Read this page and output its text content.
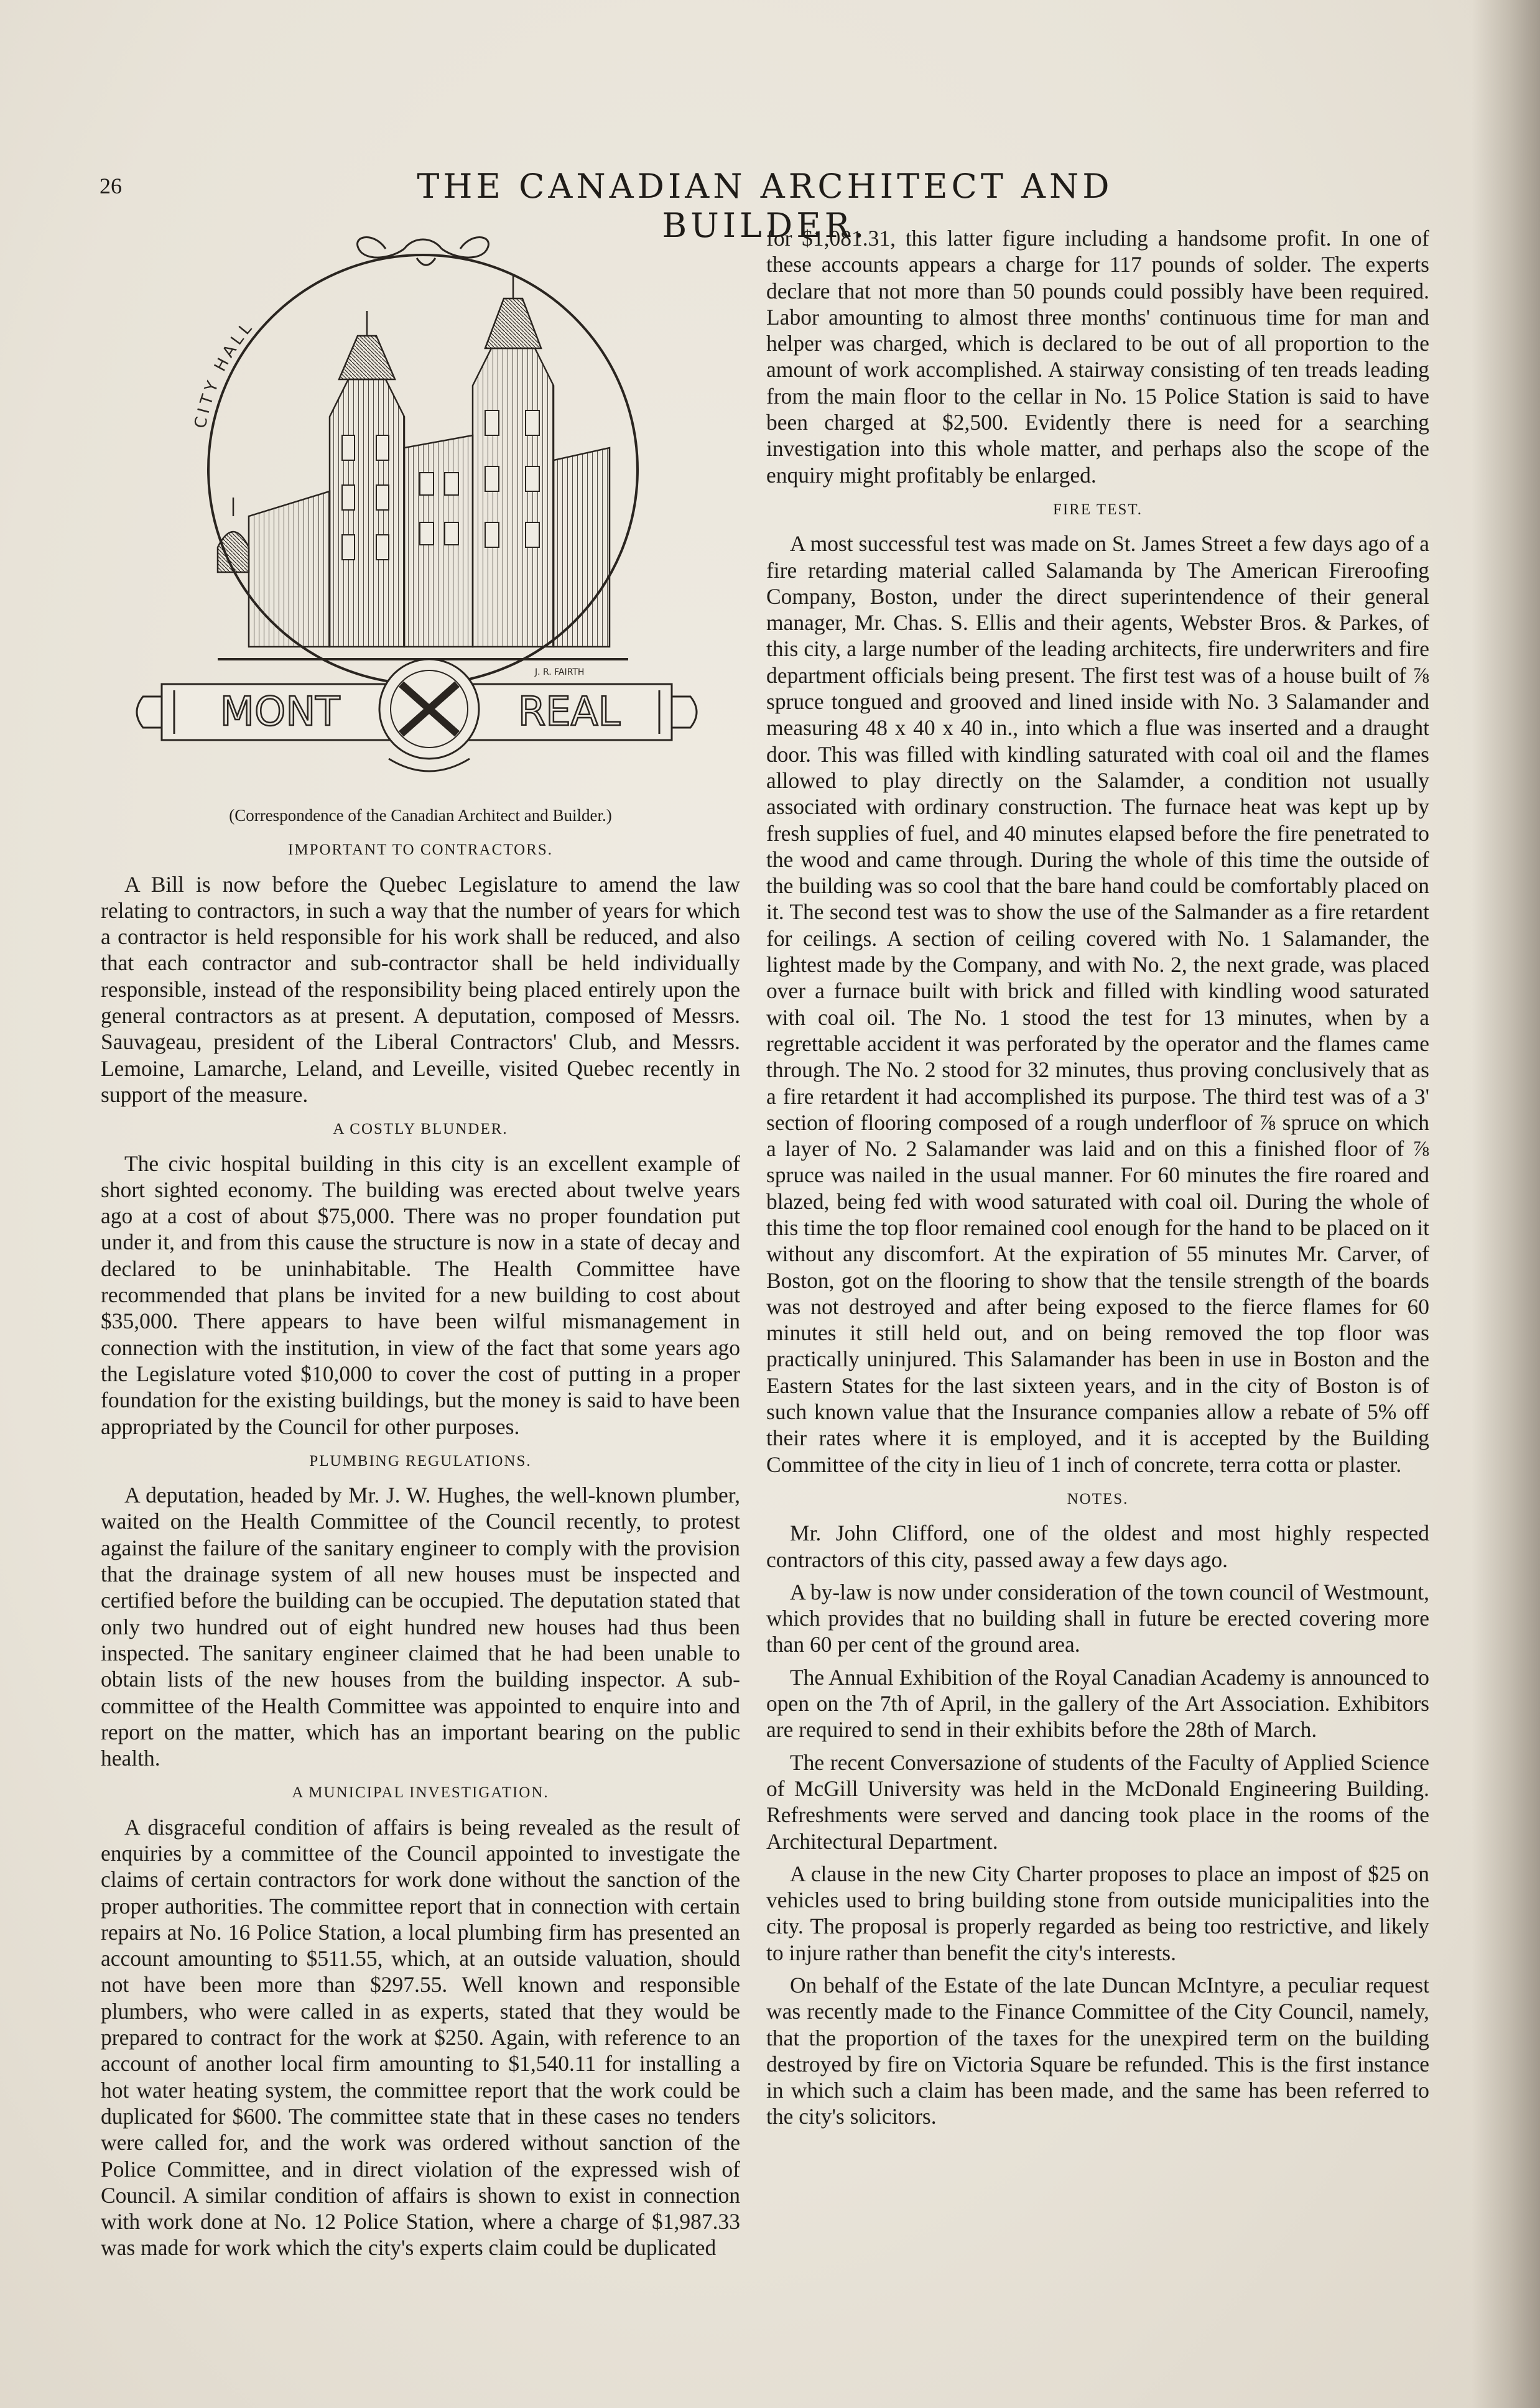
26	THE CANADIAN ARCHITECT AND BUILDER.
CITY HALL
MONT	REAL
J. R. FAIRTH
(Correspondence of the Canadian Architect and Builder.)
IMPORTANT TO CONTRACTORS.

A Bill is now before the Quebec Legislature to amend the law relating to contractors, in such a way that the number of years for which a contractor is held responsible for his work shall be reduced, and also that each contractor and sub-contractor shall be held individually responsible, instead of the responsibility being placed entirely upon the general contractors as at present. A deputation, composed of Messrs. Sauvageau, president of the Liberal Contractors' Club, and Messrs. Lemoine, Lamarche, Leland, and Leveille, visited Quebec recently in support of the measure.

A COSTLY BLUNDER.

The civic hospital building in this city is an excellent example of short sighted economy. The building was erected about twelve years ago at a cost of about $75,000. There was no proper foundation put under it, and from this cause the structure is now in a state of decay and declared to be uninhabitable. The Health Committee have recommended that plans be invited for a new building to cost about $35,000. There appears to have been wilful mismanagement in connection with the institution, in view of the fact that some years ago the Legislature voted $10,000 to cover the cost of putting in a proper foundation for the existing buildings, but the money is said to have been appropriated by the Council for other purposes.

PLUMBING REGULATIONS.

A deputation, headed by Mr. J. W. Hughes, the well-known plumber, waited on the Health Committee of the Council recently, to protest against the failure of the sanitary engineer to comply with the provision that the drainage system of all new houses must be inspected and certified before the building can be occupied. The deputation stated that only two hundred out of eight hundred new houses had thus been inspected. The sanitary engineer claimed that he had been unable to obtain lists of the new houses from the building inspector. A sub-committee of the Health Committee was appointed to enquire into and report on the matter, which has an important bearing on the public health.

A MUNICIPAL INVESTIGATION.

A disgraceful condition of affairs is being revealed as the result of enquiries by a committee of the Council appointed to investigate the claims of certain contractors for work done without the sanction of the proper authorities. The committee report that in connection with certain repairs at No. 16 Police Station, a local plumbing firm has presented an account amounting to $511.55, which, at an outside valuation, should not have been more than $297.55. Well known and responsible plumbers, who were called in as experts, stated that they would be prepared to contract for the work at $250. Again, with reference to an account of another local firm amounting to $1,540.11 for installing a hot water heating system, the committee report that the work could be duplicated for $600. The committee state that in these cases no tenders were called for, and the work was ordered without sanction of the Police Committee, and in direct violation of the expressed wish of Council. A similar condition of affairs is shown to exist in connection with work done at No. 12 Police Station, where a charge of $1,987.33 was made for work which the city's experts claim could be duplicated

for $1,081.31, this latter figure including a handsome profit. In one of these accounts appears a charge for 117 pounds of solder. The experts declare that not more than 50 pounds could possibly have been required. Labor amounting to almost three months' continuous time for man and helper was charged, which is declared to be out of all proportion to the amount of work accomplished. A stairway consisting of ten treads leading from the main floor to the cellar in No. 15 Police Station is said to have been charged at $2,500. Evidently there is need for a searching investigation into this whole matter, and perhaps also the scope of the enquiry might profitably be enlarged.

FIRE TEST.

A most successful test was made on St. James Street a few days ago of a fire retarding material called Salamanda by The American Fireroofing Company, Boston, under the direct superintendence of their general manager, Mr. Chas. S. Ellis and their agents, Webster Bros. & Parkes, of this city, a large number of the leading architects, fire underwriters and fire department officials being present. The first test was of a house built of ⅞ spruce tongued and grooved and lined inside with No. 3 Salamander and measuring 48 x 40 x 40 in., into which a flue was inserted and a draught door. This was filled with kindling saturated with coal oil and the flames allowed to play directly on the Salamder, a condition not usually associated with ordinary construction. The furnace heat was kept up by fresh supplies of fuel, and 40 minutes elapsed before the fire penetrated to the wood and came through. During the whole of this time the outside of the building was so cool that the bare hand could be comfortably placed on it. The second test was to show the use of the Salmander as a fire retardent for ceilings. A section of ceiling covered with No. 1 Salamander, the lightest made by the Company, and with No. 2, the next grade, was placed over a furnace built with brick and filled with kindling wood saturated with coal oil. The No. 1 stood the test for 13 minutes, when by a regrettable accident it was perforated by the operator and the flames came through. The No. 2 stood for 32 minutes, thus proving conclusively that as a fire retardent it had accomplished its purpose. The third test was of a 3' section of flooring composed of a rough underfloor of ⅞ spruce on which a layer of No. 2 Salamander was laid and on this a finished floor of ⅞ spruce was nailed in the usual manner. For 60 minutes the fire roared and blazed, being fed with wood saturated with coal oil. During the whole of this time the top floor remained cool enough for the hand to be placed on it without any discomfort. At the expiration of 55 minutes Mr. Carver, of Boston, got on the flooring to show that the tensile strength of the boards was not destroyed and after being exposed to the fierce flames for 60 minutes it still held out, and on being removed the top floor was practically uninjured. This Salamander has been in use in Boston and the Eastern States for the last sixteen years, and in the city of Boston is of such known value that the Insurance companies allow a rebate of 5% off their rates where it is employed, and it is accepted by the Building Committee of the city in lieu of 1 inch of concrete, terra cotta or plaster.

NOTES.

Mr. John Clifford, one of the oldest and most highly respected contractors of this city, passed away a few days ago.

A by-law is now under consideration of the town council of Westmount, which provides that no building shall in future be erected covering more than 60 per cent of the ground area.

The Annual Exhibition of the Royal Canadian Academy is announced to open on the 7th of April, in the gallery of the Art Association. Exhibitors are required to send in their exhibits before the 28th of March.

The recent Conversazione of students of the Faculty of Applied Science of McGill University was held in the McDonald Engineering Building. Refreshments were served and dancing took place in the rooms of the Architectural Department.

A clause in the new City Charter proposes to place an impost of $25 on vehicles used to bring building stone from outside municipalities into the city. The proposal is properly regarded as being too restrictive, and likely to injure rather than benefit the city's interests.

On behalf of the Estate of the late Duncan McIntyre, a peculiar request was recently made to the Finance Committee of the City Council, namely, that the proportion of the taxes for the unexpired term on the building destroyed by fire on Victoria Square be refunded. This is the first instance in which such a claim has been made, and the same has been referred to the city's solicitors.
